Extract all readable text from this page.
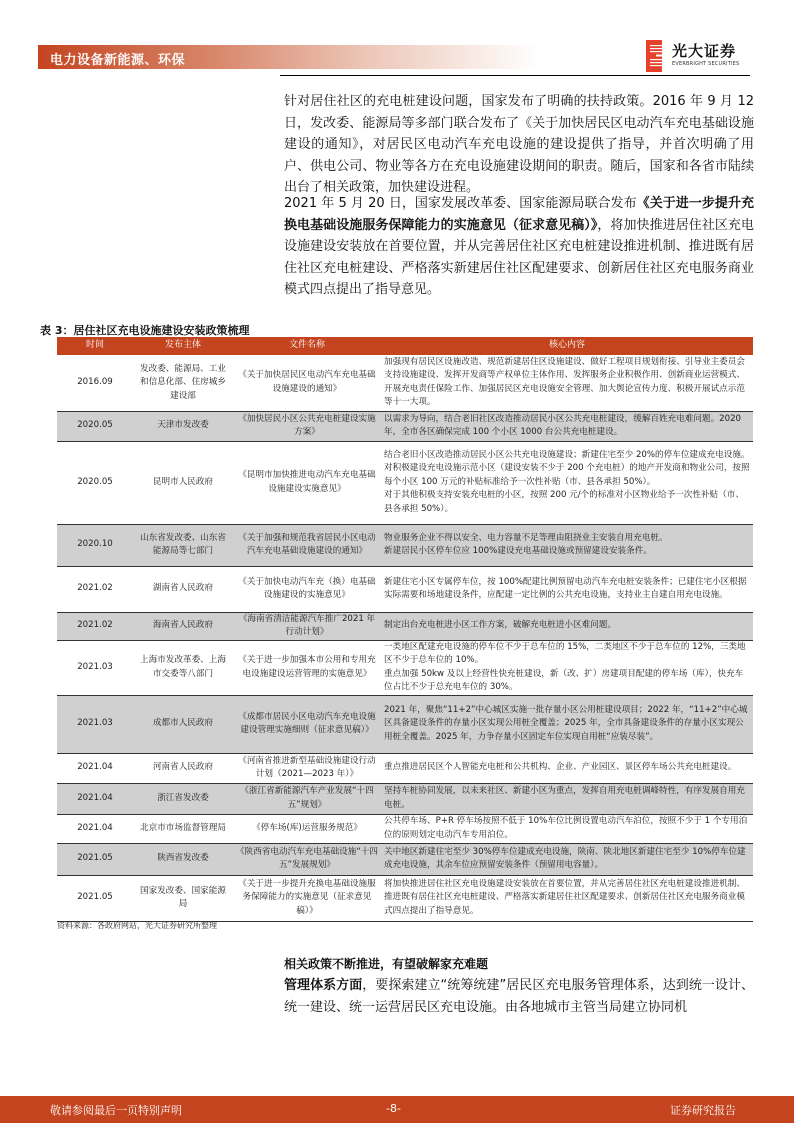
电力设备新能源、环保
光大证券
EVERBRIGHT SECURITIES
针对居住社区的充电桩建设问题，国家发布了明确的扶持政策。2016 年 9 月 12 日，发改委、能源局等多部门联合发布了《关于加快居民区电动汽车充电基础设施建设的通知》，对居民区电动汽车充电设施的建设提供了指导，并首次明确了用户、供电公司、物业等各方在充电设施建设期间的职责。随后，国家和各省市陆续出台了相关政策，加快建设进程。
2021 年 5 月 20 日，国家发展改革委、国家能源局联合发布《关于进一步提升充换电基础设施服务保障能力的实施意见（征求意见稿）》，将加快推进居住社区充电设施建设安装放在首要位置，并从完善居住社区充电桩建设推进机制、推进既有居住社区充电桩建设、严格落实新建居住社区配建要求、创新居住社区充电服务商业模式四点提出了指导意见。
表 3：居住社区充电设施建设安装政策梳理
时间	发布主体	文件名称	核心内容
2016.09	发改委、能源局、工业和信息化部、住房城乡建设部	《关于加快居民区电动汽车充电基础设施建设的通知》	加强现有居民区设施改造、规范新建居住区设施建设、做好工程项目规划衔接、引导业主委员会支持设施建设、发挥开发商等产权单位主体作用、发挥服务企业积极作用、创新商业运营模式、开展充电责任保险工作、加强居民区充电设施安全管理、加大舆论宣传力度、积极开展试点示范等十一大项。

2020.05	天津市发改委	《加快居民小区公共充电桩建设实施方案》	以需求为导向，结合老旧社区改造推动居民小区公共充电桩建设，缓解百姓充电难问题。2020 年，全市各区确保完成 100 个小区 1000 台公共充电桩建设。

2020.05	昆明市人民政府	《昆明市加快推进电动汽车充电基础设施建设实施意见》	结合老旧小区改造推动居民小区公共充电设施建设；新建住宅至少 20%的停车位建成充电设施。
对积极建设充电设施示范小区（建设安装不少于 200 个充电桩）的地产开发商和物业公司，按照每个小区 100 万元的补贴标准给予一次性补贴（市、县各承担 50%）。
对于其他积极支持安装充电桩的小区，按照 200 元/个的标准对小区物业给予一次性补贴（市、县各承担 50%）。

2020.10	山东省发改委、山东省能源局等七部门	《关于加强和规范我省居民小区电动汽车充电基础设施建设的通知》	物业服务企业不得以安全、电力容量不足等理由阻挠业主安装自用充电桩。
新建居民小区停车位应 100%建设充电基础设施或预留建设安装条件。

2021.02	湖南省人民政府	《关于加快电动汽车充（换）电基础设施建设的实施意见》	新建住宅小区专属停车位，按 100%配建比例预留电动汽车充电桩安装条件；已建住宅小区根据实际需要和场地建设条件，应配建一定比例的公共充电设施，支持业主自建自用充电设施。

2021.02	海南省人民政府	《海南省清洁能源汽车推广2021 年行动计划》	制定出台充电桩进小区工作方案，破解充电桩进小区难问题。

2021.03	上海市发改革委、上海市交委等八部门	《关于进一步加强本市公用和专用充电设施建设运营管理的实施意见》	一类地区配建充电设施的停车位不少于总车位的 15%，二类地区不少于总车位的 12%，三类地区不少于总车位的 10%。
重点加强 50kw 及以上经营性快充桩建设，新（改、扩）房建项目配建的停车场（库），快充车位占比不少于总充电车位的 30%。

2021.03	成都市人民政府	《成都市居民小区电动汽车充电设施建设管理实施细则（征求意见稿）》	2021 年，聚焦“11+2”中心城区实施一批存量小区公用桩建设项目；2022 年，“11+2”中心城区具备建设条件的存量小区实现公用桩全覆盖；2025 年，全市具备建设条件的存量小区实现公用桩全覆盖。2025 年，力争存量小区固定车位实现自用桩“应装尽装”。

2021.04	河南省人民政府	《河南省推进新型基础设施建设行动计划（2021—2023 年）》	重点推进居民区个人智能充电桩和公共机构、企业、产业园区、景区停车场公共充电桩建设。

2021.04	浙江省发改委	《浙江省新能源汽车产业发展“十四五”规划》	坚持车桩协同发展，以未来社区、新建小区为重点，发挥自用充电桩调峰特性，有序发展自用充电桩。

2021.04	北京市市场监督管理局	《停车场(库)运营服务规范》	公共停车场、P+R 停车场按照不低于 10%车位比例设置电动汽车泊位，按照不少于 1 个专用泊位的原则划定电动汽车专用泊位。

2021.05	陕西省发改委	《陕西省电动汽车充电基础设施“十四五”发展规划》	关中地区新建住宅至少 30%停车位建成充电设施，陕南、陕北地区新建住宅至少 10%停车位建成充电设施，其余车位应预留安装条件（预留用电容量）。

2021.05	国家发改委、国家能源局	《关于进一步提升充换电基础设施服务保障能力的实施意见（征求意见稿）》	将加快推进居住社区充电设施建设安装放在首要位置，并从完善居住社区充电桩建设推进机制、推进既有居住社区充电桩建设、严格落实新建居住社区配建要求、创新居住社区充电服务商业模式四点提出了指导意见。
资料来源：各政府网站，光大证券研究所整理
相关政策不断推进，有望破解家充难题
管理体系方面，要探索建立“统筹统建”居民区充电服务管理体系，达到统一设计、统一建设、统一运营居民区充电设施。由各地城市主管当局建立协同机
敬请参阅最后一页特别声明	-8-	证券研究报告
